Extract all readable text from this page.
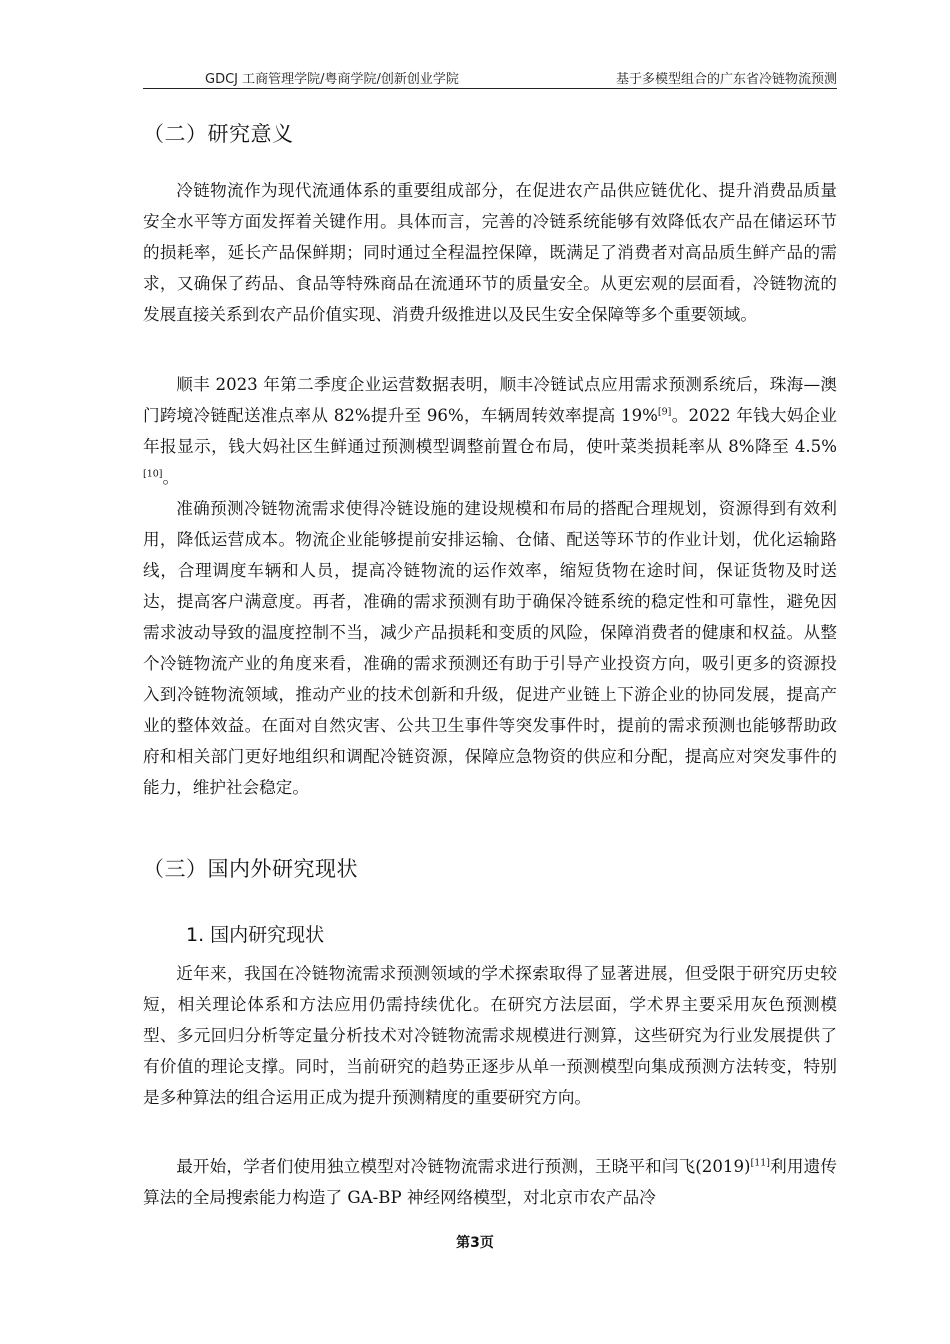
GDCJ 工商管理学院/粤商学院/创新创业学院	基于多模型组合的广东省冷链物流预测
（二）研究意义

冷链物流作为现代流通体系的重要组成部分，在促进农产品供应链优化、提升消费品质量安全水平等方面发挥着关键作用。具体而言，完善的冷链系统能够有效降低农产品在储运环节的损耗率，延长产品保鲜期；同时通过全程温控保障，既满足了消费者对高品质生鲜产品的需求，又确保了药品、食品等特殊商品在流通环节的质量安全。从更宏观的层面看，冷链物流的发展直接关系到农产品价值实现、消费升级推进以及民生安全保障等多个重要领域。

顺丰 2023 年第二季度企业运营数据表明，顺丰冷链试点应用需求预测系统后，珠海—澳门跨境冷链配送准点率从 82%提升至 96%，车辆周转效率提高 19%[9]。2022 年钱大妈企业年报显示，钱大妈社区生鲜通过预测模型调整前置仓布局，使叶菜类损耗率从 8%降至 4.5%[10]。

准确预测冷链物流需求使得冷链设施的建设规模和布局的搭配合理规划，资源得到有效利用，降低运营成本。物流企业能够提前安排运输、仓储、配送等环节的作业计划，优化运输路线，合理调度车辆和人员，提高冷链物流的运作效率，缩短货物在途时间，保证货物及时送达，提高客户满意度。再者，准确的需求预测有助于确保冷链系统的稳定性和可靠性，避免因需求波动导致的温度控制不当，减少产品损耗和变质的风险，保障消费者的健康和权益。从整个冷链物流产业的角度来看，准确的需求预测还有助于引导产业投资方向，吸引更多的资源投入到冷链物流领域，推动产业的技术创新和升级，促进产业链上下游企业的协同发展，提高产业的整体效益。在面对自然灾害、公共卫生事件等突发事件时，提前的需求预测也能够帮助政府和相关部门更好地组织和调配冷链资源，保障应急物资的供应和分配，提高应对突发事件的能力，维护社会稳定。

（三）国内外研究现状
1. 国内研究现状

近年来，我国在冷链物流需求预测领域的学术探索取得了显著进展，但受限于研究历史较短，相关理论体系和方法应用仍需持续优化。在研究方法层面，学术界主要采用灰色预测模型、多元回归分析等定量分析技术对冷链物流需求规模进行测算，这些研究为行业发展提供了有价值的理论支撑。同时，当前研究的趋势正逐步从单一预测模型向集成预测方法转变，特别是多种算法的组合运用正成为提升预测精度的重要研究方向。

最开始，学者们使用独立模型对冷链物流需求进行预测，王晓平和闫飞(2019)[11]利用遗传算法的全局搜索能力构造了 GA-BP 神经网络模型，对北京市农产品冷

第3页
